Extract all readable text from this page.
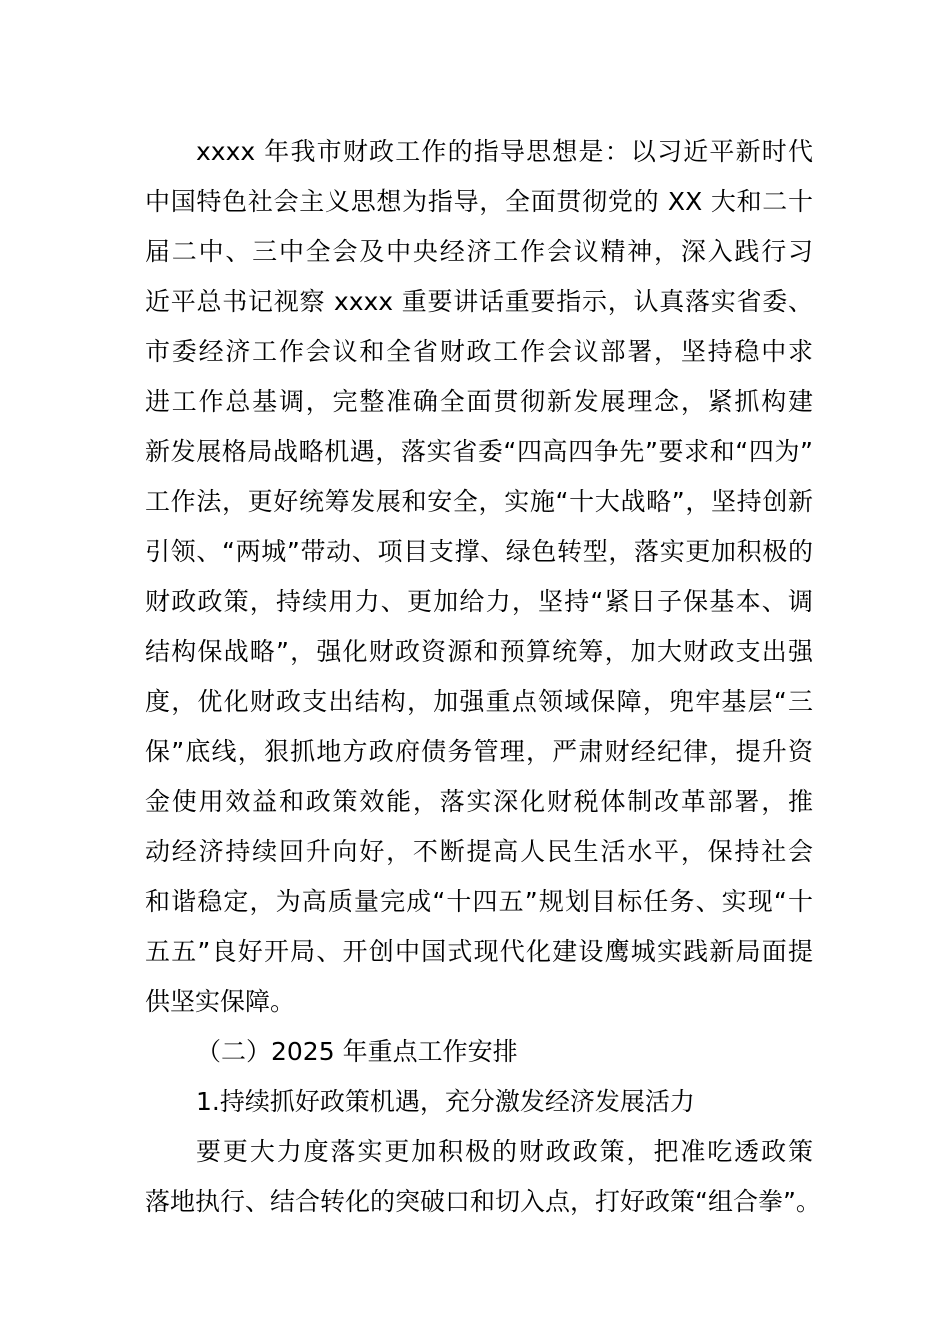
xxxx 年我市财政工作的指导思想是：以习近平新时代
中国特色社会主义思想为指导，全面贯彻党的 XX 大和二十
届二中、三中全会及中央经济工作会议精神，深入践行习
近平总书记视察 xxxx 重要讲话重要指示，认真落实省委、
市委经济工作会议和全省财政工作会议部署，坚持稳中求
进工作总基调，完整准确全面贯彻新发展理念，紧抓构建
新发展格局战略机遇，落实省委“四高四争先”要求和“四为”
工作法，更好统筹发展和安全，实施“十大战略”，坚持创新
引领、“两城”带动、项目支撑、绿色转型，落实更加积极的
财政政策，持续用力、更加给力，坚持“紧日子保基本、调
结构保战略”，强化财政资源和预算统筹，加大财政支出强
度，优化财政支出结构，加强重点领域保障，兜牢基层“三
保”底线，狠抓地方政府债务管理，严肃财经纪律，提升资
金使用效益和政策效能，落实深化财税体制改革部署，推
动经济持续回升向好，不断提高人民生活水平，保持社会
和谐稳定，为高质量完成“十四五”规划目标任务、实现“十
五五”良好开局、开创中国式现代化建设鹰城实践新局面提
供坚实保障。
（二）2025 年重点工作安排
1.持续抓好政策机遇，充分激发经济发展活力
要更大力度落实更加积极的财政政策，把准吃透政策
落地执行、结合转化的突破口和切入点，打好政策“组合拳”。
